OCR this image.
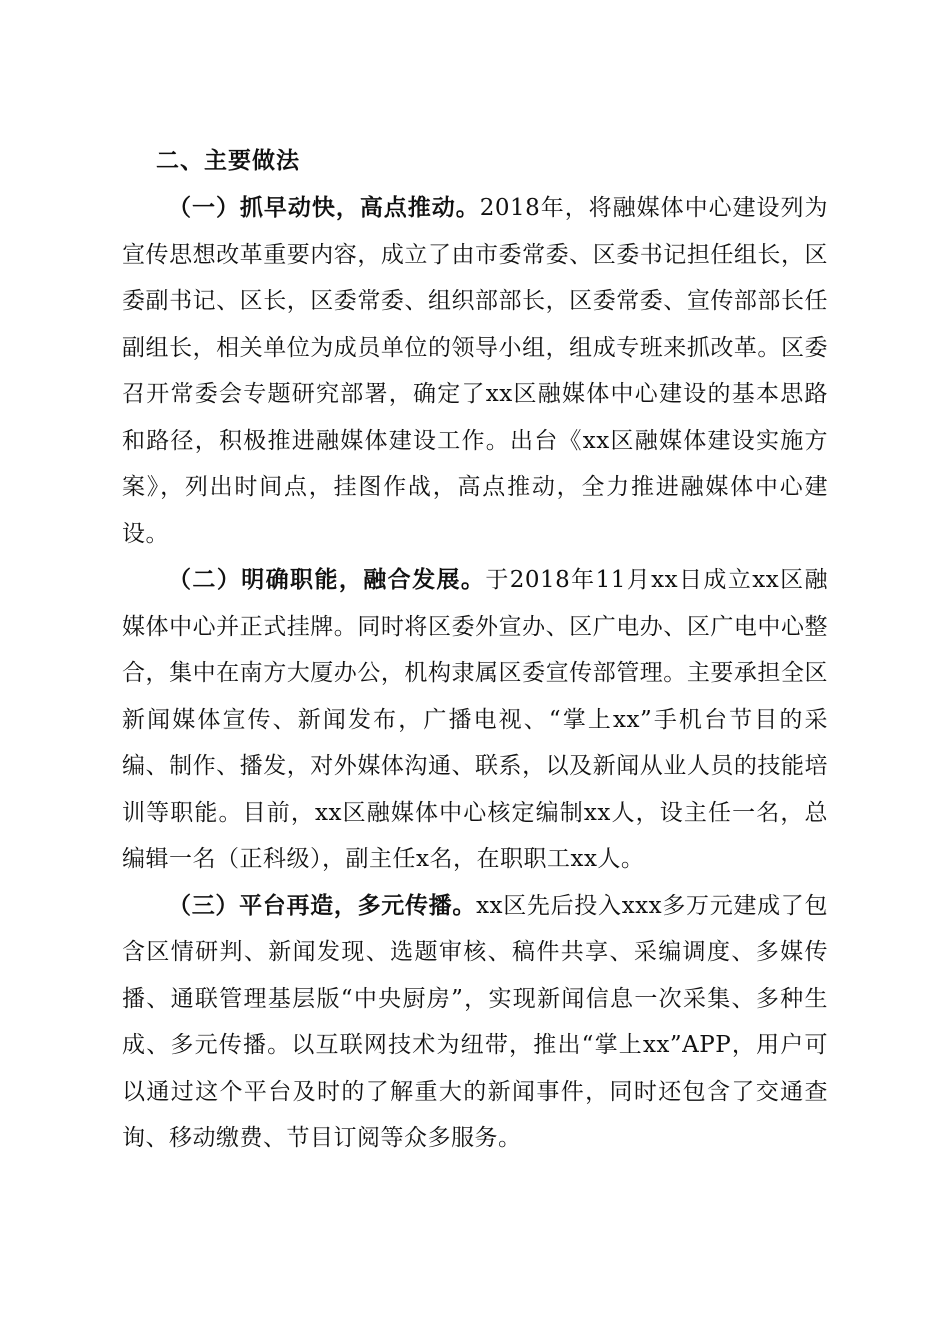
二、主要做法

（一）抓早动快，高点推动。2018年，将融媒体中心建设列为宣传思想改革重要内容，成立了由市委常委、区委书记担任组长，区委副书记、区长，区委常委、组织部部长，区委常委、宣传部部长任副组长，相关单位为成员单位的领导小组，组成专班来抓改革。区委召开常委会专题研究部署，确定了xx区融媒体中心建设的基本思路和路径，积极推进融媒体建设工作。出台《xx区融媒体建设实施方案》，列出时间点，挂图作战，高点推动，全力推进融媒体中心建设。

（二）明确职能，融合发展。于2018年11月xx日成立xx区融媒体中心并正式挂牌。同时将区委外宣办、区广电办、区广电中心整合，集中在南方大厦办公，机构隶属区委宣传部管理。主要承担全区新闻媒体宣传、新闻发布，广播电视、“掌上xx”手机台节目的采编、制作、播发，对外媒体沟通、联系，以及新闻从业人员的技能培训等职能。目前，xx区融媒体中心核定编制xx人，设主任一名，总编辑一名（正科级），副主任x名，在职职工xx人。

（三）平台再造，多元传播。xx区先后投入xxx多万元建成了包含区情研判、新闻发现、选题审核、稿件共享、采编调度、多媒传播、通联管理基层版“中央厨房”，实现新闻信息一次采集、多种生成、多元传播。以互联网技术为纽带，推出“掌上xx”APP，用户可以通过这个平台及时的了解重大的新闻事件，同时还包含了交通查询、移动缴费、节目订阅等众多服务。
